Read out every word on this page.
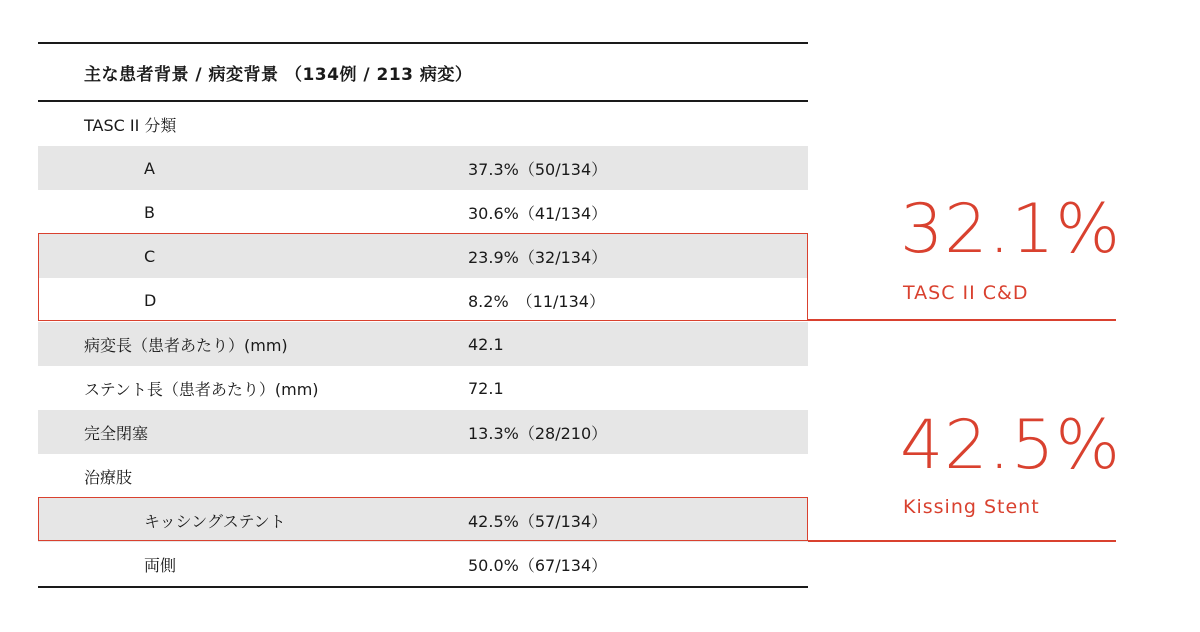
主な患者背景 / 病変背景 （134例 / 213 病変）
TASC II 分類
A	37.3%（50/134）
B	30.6%（41/134）
C	23.9%（32/134）
D	8.2%　（11/134）
病変長（患者あたり）(mm)	42.1
ステント長（患者あたり）(mm)	72.1
完全閉塞	13.3%（28/210）
治療肢
キッシングステント	42.5%（57/134）
両側	50.0%（67/134）
32.1%
TASC II C&D
42.5%
Kissing Stent
